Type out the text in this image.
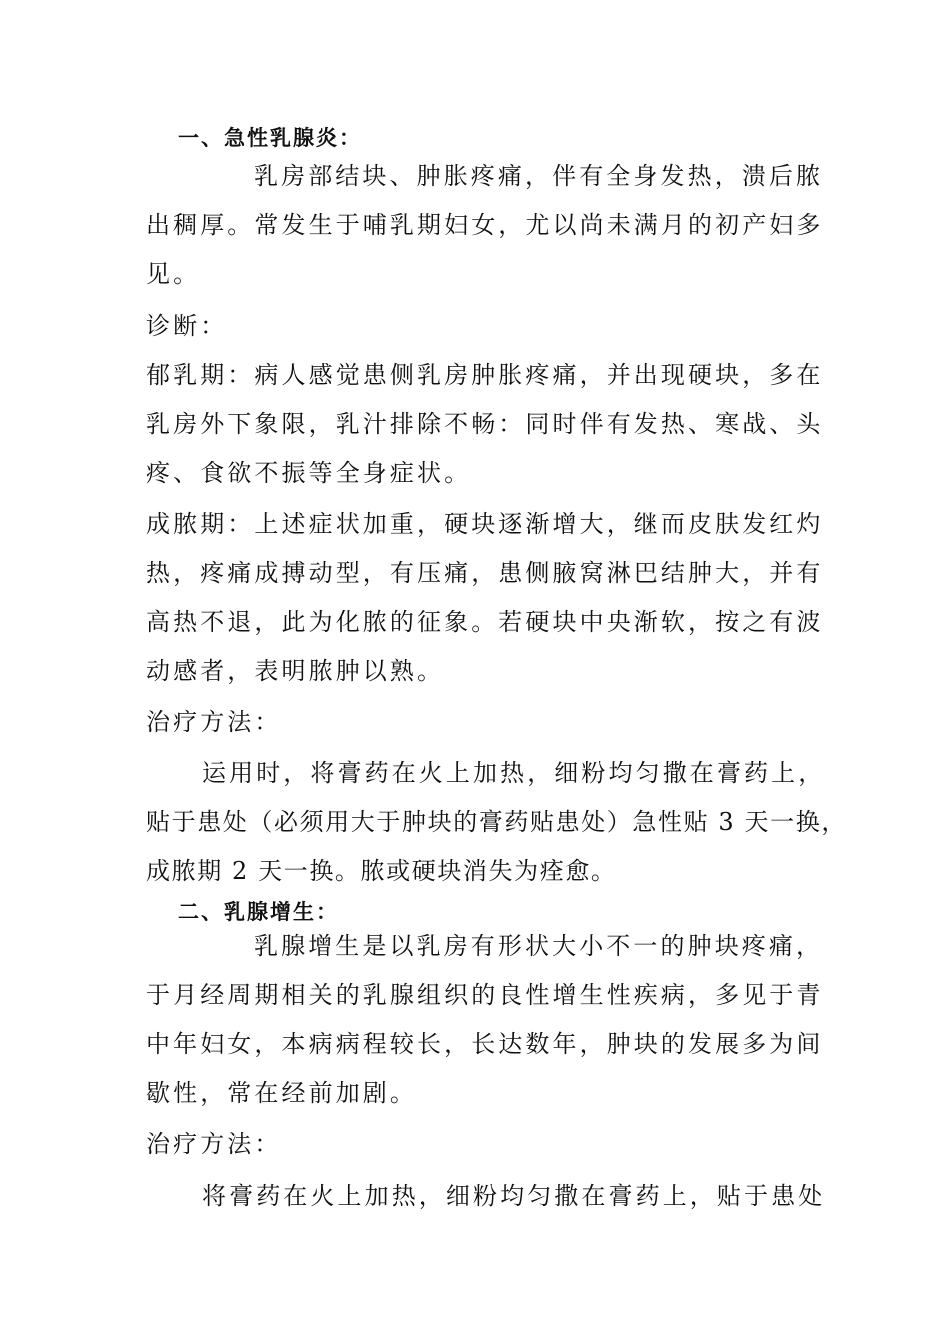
一、急性乳腺炎：

乳房部结块、肿胀疼痛，伴有全身发热，溃后脓

出稠厚。常发生于哺乳期妇女，尤以尚未满月的初产妇多

见。

诊断：

郁乳期：病人感觉患侧乳房肿胀疼痛，并出现硬块，多在

乳房外下象限，乳汁排除不畅：同时伴有发热、寒战、头

疼、食欲不振等全身症状。

成脓期：上述症状加重，硬块逐渐增大，继而皮肤发红灼

热，疼痛成搏动型，有压痛，患侧腋窝淋巴结肿大，并有

高热不退，此为化脓的征象。若硬块中央渐软，按之有波

动感者，表明脓肿以熟。

治疗方法：

运用时，将膏药在火上加热，细粉均匀撒在膏药上，

贴于患处（必须用大于肿块的膏药贴患处）急性贴 3 天一换，

成脓期 2 天一换。脓或硬块消失为痊愈。

二、乳腺增生：

乳腺增生是以乳房有形状大小不一的肿块疼痛，

于月经周期相关的乳腺组织的良性增生性疾病，多见于青

中年妇女，本病病程较长，长达数年，肿块的发展多为间

歇性，常在经前加剧。

治疗方法：

将膏药在火上加热，细粉均匀撒在膏药上，贴于患处
